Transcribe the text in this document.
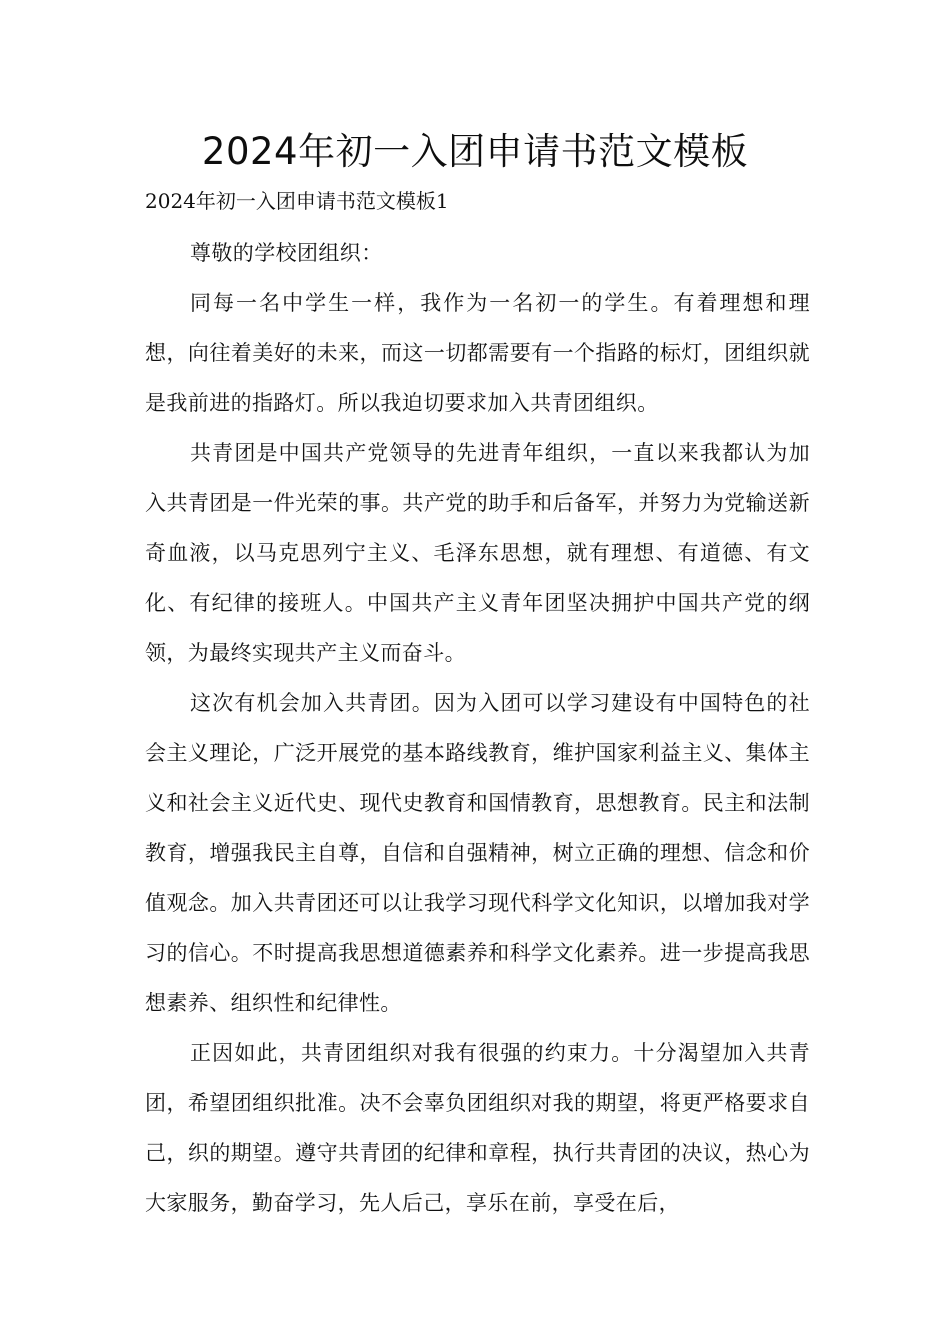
2024年初一入团申请书范文模板
2024年初一入团申请书范文模板1

尊敬的学校团组织：

同每一名中学生一样，我作为一名初一的学生。有着理想和理想，向往着美好的未来，而这一切都需要有一个指路的标灯，团组织就是我前进的指路灯。所以我迫切要求加入共青团组织。

共青团是中国共产党领导的先进青年组织，一直以来我都认为加入共青团是一件光荣的事。共产党的助手和后备军，并努力为党输送新奇血液，以马克思列宁主义、毛泽东思想，就有理想、有道德、有文化、有纪律的接班人。中国共产主义青年团坚决拥护中国共产党的纲领，为最终实现共产主义而奋斗。

这次有机会加入共青团。因为入团可以学习建设有中国特色的社会主义理论，广泛开展党的基本路线教育，维护国家利益主义、集体主义和社会主义近代史、现代史教育和国情教育，思想教育。民主和法制教育，增强我民主自尊，自信和自强精神，树立正确的理想、信念和价值观念。加入共青团还可以让我学习现代科学文化知识，以增加我对学习的信心。不时提高我思想道德素养和科学文化素养。进一步提高我思想素养、组织性和纪律性。

正因如此，共青团组织对我有很强的约束力。十分渴望加入共青团，希望团组织批准。决不会辜负团组织对我的期望，将更严格要求自己，织的期望。遵守共青团的纪律和章程，执行共青团的决议，热心为大家服务，勤奋学习，先人后己，享乐在前，享受在后，
